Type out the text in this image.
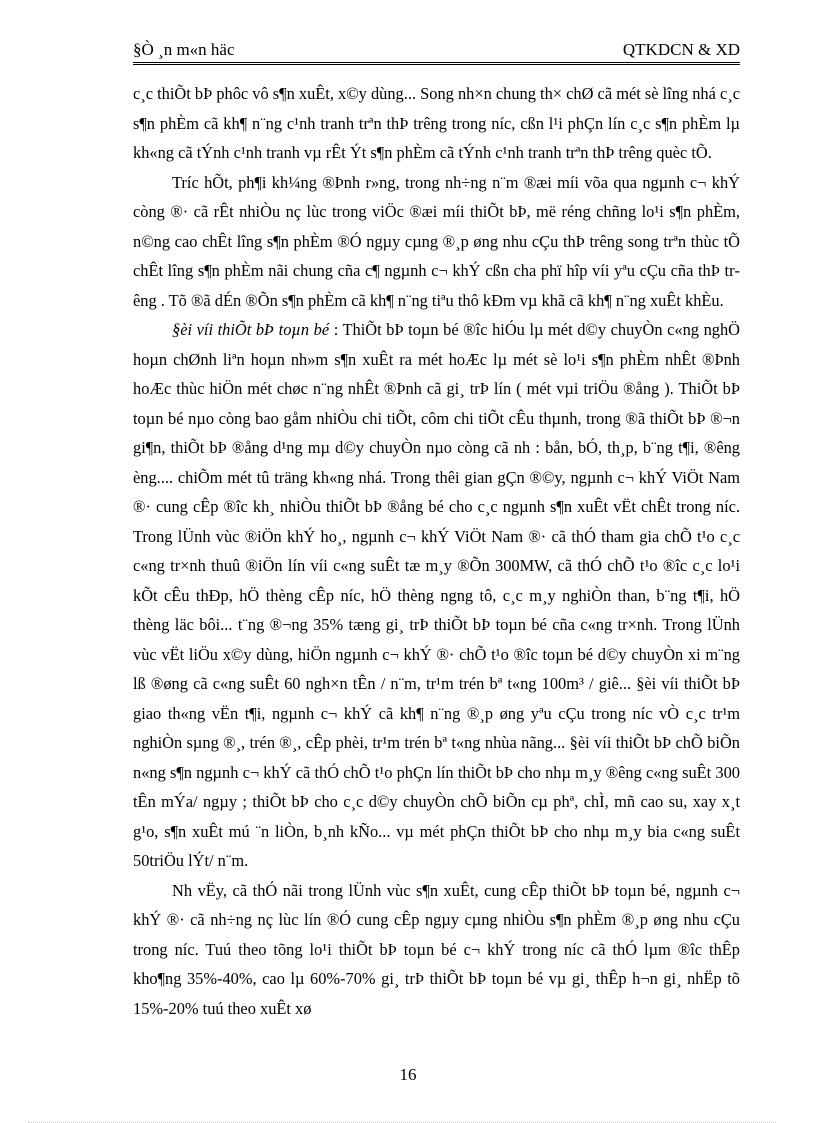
§Ò ¸n m«n häc	QTKDCN & XD

c¸c thiÕt bÞ phôc vô s¶n xuÊt, x©y dùng... Song nh×n chung th× chØ cã mét sè lîng nhá c¸c s¶n phÈm cã kh¶ n¨ng c¹nh tranh trªn thÞ trêng trong níc, cßn l¹i phÇn lín c¸c s¶n phÈm lµ kh«ng cã tÝnh c¹nh tranh vµ rÊt Ýt s¶n phÈm cã tÝnh c¹nh tranh trªn thÞ trêng quèc tÕ.

Tríc hÕt, ph¶i kh¼ng ®Þnh r»ng, trong nh÷ng n¨m ®æi míi võa qua ngµnh c¬ khÝ còng ®· cã rÊt nhiÒu nç lùc trong viÖc ®æi míi thiÕt bÞ, më réng chñng lo¹i s¶n phÈm, n©ng cao chÊt lîng s¶n phÈm ®Ó ngµy cµng ®¸p øng nhu cÇu thÞ trêng song trªn thùc tÕ chÊt lîng s¶n phÈm nãi chung cña c¶ ngµnh c¬ khÝ cßn cha phï hîp víi yªu cÇu cña thÞ trêng . Tõ ®ã dÉn ®Õn s¶n phÈm cã kh¶ n¨ng tiªu thô kÐm vµ khã cã kh¶ n¨ng xuÊt khÈu.

§èi víi thiÕt bÞ toµn bé : ThiÕt bÞ toµn bé ®îc hiÓu lµ mét d©y chuyÒn c«ng nghÖ hoµn chØnh liªn hoµn nh»m s¶n xuÊt ra mét hoÆc lµ mét sè lo¹i s¶n phÈm nhÊt ®Þnh hoÆc thùc hiÖn mét chøc n¨ng nhÊt ®Þnh cã gi¸ trÞ lín ( mét vµi triÖu ®ång ). ThiÕt bÞ toµn bé nµo còng bao gåm nhiÒu chi tiÕt, côm chi tiÕt cÊu thµnh, trong ®ã thiÕt bÞ ®¬n gi¶n, thiÕt bÞ ®ång d¹ng mµ d©y chuyÒn nµo còng cã nh : bån, bÓ, th¸p, b¨ng t¶i, ®êng èng.... chiÕm mét tû träng kh«ng nhá. Trong thêi gian gÇn ®©y, ngµnh c¬ khÝ ViÖt Nam ®· cung cÊp ®îc kh¸ nhiÒu thiÕt bÞ ®ång bé cho c¸c ngµnh s¶n xuÊt vËt chÊt trong níc. Trong lÜnh vùc ®iÖn khÝ ho¸, ngµnh c¬ khÝ ViÖt Nam ®· cã thÓ tham gia chÕ t¹o c¸c c«ng tr×nh thuû ®iÖn lín víi c«ng suÊt tæ m¸y ®Õn 300MW, cã thÓ chÕ t¹o ®îc c¸c lo¹i kÕt cÊu thÐp, hÖ thèng cÊp níc, hÖ thèng ngng tô, c¸c m¸y nghiÒn than, b¨ng t¶i, hÖ thèng läc bôi... t¨ng ®¬ng 35% tæng gi¸ trÞ thiÕt bÞ toµn bé cña c«ng tr×nh. Trong lÜnh vùc vËt liÖu x©y dùng, hiÖn ngµnh c¬ khÝ ®· chÕ t¹o ®îc toµn bé d©y chuyÒn xi m¨ng lß ®øng cã c«ng suÊt 60 ngh×n tÊn / n¨m, tr¹m trén bª t«ng 100m³ / giê... §èi víi thiÕt bÞ giao th«ng vËn t¶i, ngµnh c¬ khÝ cã kh¶ n¨ng ®¸p øng yªu cÇu trong níc vÒ c¸c tr¹m nghiÒn sµng ®¸, trén ®¸, cÊp phèi, tr¹m trén bª t«ng nhùa nãng... §èi víi thiÕt bÞ chÕ biÕn n«ng s¶n ngµnh c¬ khÝ cã thÓ chÕ t¹o phÇn lín thiÕt bÞ cho nhµ m¸y ®êng c«ng suÊt 300 tÊn mÝa/ ngµy ; thiÕt bÞ cho c¸c d©y chuyÒn chÕ biÕn cµ phª, chÌ, mñ cao su, xay x¸t g¹o, s¶n xuÊt mú ¨n liÒn, b¸nh kÑo... vµ mét phÇn thiÕt bÞ cho nhµ m¸y bia c«ng suÊt 50triÖu lÝt/ n¨m.

Nh vËy, cã thÓ nãi trong lÜnh vùc s¶n xuÊt, cung cÊp thiÕt bÞ toµn bé, ngµnh c¬ khÝ ®· cã nh÷ng nç lùc lín ®Ó cung cÊp ngµy cµng nhiÒu s¶n phÈm ®¸p øng nhu cÇu trong níc. Tuú theo tõng lo¹i thiÕt bÞ toµn bé c¬ khÝ trong níc cã thÓ lµm ®îc thÊp kho¶ng 35%-40%, cao lµ 60%-70% gi¸ trÞ thiÕt bÞ toµn bé vµ gi¸ thÊp h¬n gi¸ nhËp tõ 15%-20% tuú theo xuÊt xø

16
